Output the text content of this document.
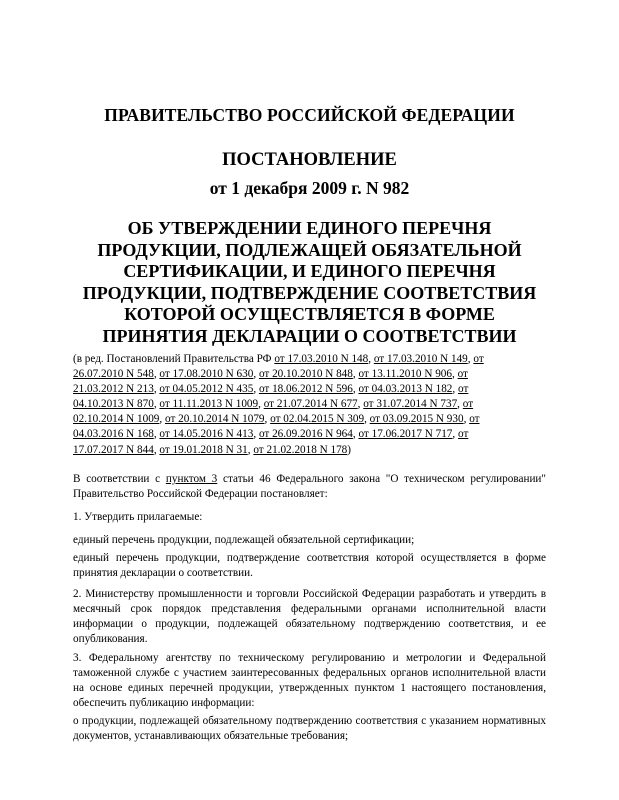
ПРАВИТЕЛЬСТВО РОССИЙСКОЙ ФЕДЕРАЦИИ
ПОСТАНОВЛЕНИЕ
от 1 декабря 2009 г. N 982
ОБ УТВЕРЖДЕНИИ ЕДИНОГО ПЕРЕЧНЯ
ПРОДУКЦИИ, ПОДЛЕЖАЩЕЙ ОБЯЗАТЕЛЬНОЙ
СЕРТИФИКАЦИИ, И ЕДИНОГО ПЕРЕЧНЯ
ПРОДУКЦИИ, ПОДТВЕРЖДЕНИЕ СООТВЕТСТВИЯ
КОТОРОЙ ОСУЩЕСТВЛЯЕТСЯ В ФОРМЕ
ПРИНЯТИЯ ДЕКЛАРАЦИИ О СООТВЕТСТВИИ
(в ред. Постановлений Правительства РФ от 17.03.2010 N 148, от 17.03.2010 N 149, от
26.07.2010 N 548, от 17.08.2010 N 630, от 20.10.2010 N 848, от 13.11.2010 N 906, от
21.03.2012 N 213, от 04.05.2012 N 435, от 18.06.2012 N 596, от 04.03.2013 N 182, от
04.10.2013 N 870, от 11.11.2013 N 1009, от 21.07.2014 N 677, от 31.07.2014 N 737, от
02.10.2014 N 1009, от 20.10.2014 N 1079, от 02.04.2015 N 309, от 03.09.2015 N 930, от
04.03.2016 N 168, от 14.05.2016 N 413, от 26.09.2016 N 964, от 17.06.2017 N 717, от
17.07.2017 N 844, от 19.01.2018 N 31, от 21.02.2018 N 178)
В соответствии с пунктом 3 статьи 46 Федерального закона "О техническом регулировании" Правительство Российской Федерации постановляет:
1. Утвердить прилагаемые:
единый перечень продукции, подлежащей обязательной сертификации;
единый перечень продукции, подтверждение соответствия которой осуществляется в форме принятия декларации о соответствии.
2. Министерству промышленности и торговли Российской Федерации разработать и утвердить в месячный срок порядок представления федеральными органами исполнительной власти информации о продукции, подлежащей обязательному подтверждению соответствия, и ее опубликования.
3. Федеральному агентству по техническому регулированию и метрологии и Федеральной таможенной службе с участием заинтересованных федеральных органов исполнительной власти на основе единых перечней продукции, утвержденных пунктом 1 настоящего постановления, обеспечить публикацию информации:
о продукции, подлежащей обязательному подтверждению соответствия с указанием нормативных документов, устанавливающих обязательные требования;
